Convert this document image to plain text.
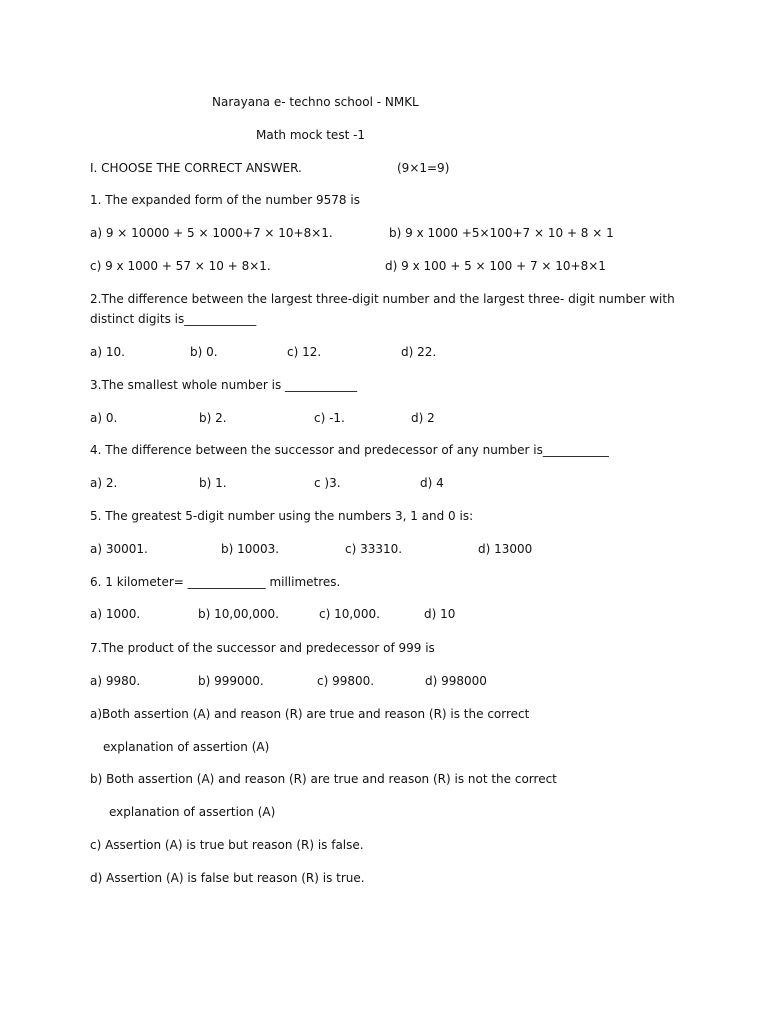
Narayana e- techno school - NMKL
Math mock test -1
I. CHOOSE THE CORRECT ANSWER.	(9×1=9)
1. The expanded form of the number 9578 is
a) 9 × 10000 + 5 × 1000+7 × 10+8×1.	b) 9 x 1000 +5×100+7 × 10 + 8 × 1
c) 9 x 1000 + 57 × 10 + 8×1.	d) 9 x 100 + 5 × 100 + 7 × 10+8×1
2.The difference between the largest three-digit number and the largest three- digit number with
distinct digits is____________
a) 10.	b) 0.	c) 12.	d) 22.
3.The smallest whole number is ____________
a) 0.	b) 2.	c) -1.	d) 2
4. The difference between the successor and predecessor of any number is___________
a) 2.	b) 1.	c )3.	d) 4
5. The greatest 5-digit number using the numbers 3, 1 and 0 is:
a) 30001.	b) 10003.	c) 33310.	d) 13000
6. 1 kilometer= _____________ millimetres.
a) 1000.	b) 10,00,000.	c) 10,000.	d) 10
7.The product of the successor and predecessor of 999 is
a) 9980.	b) 999000.	c) 99800.	d) 998000
a)Both assertion (A) and reason (R) are true and reason (R) is the correct
explanation of assertion (A)
b) Both assertion (A) and reason (R) are true and reason (R) is not the correct
explanation of assertion (A)
c) Assertion (A) is true but reason (R) is false.
d) Assertion (A) is false but reason (R) is true.
